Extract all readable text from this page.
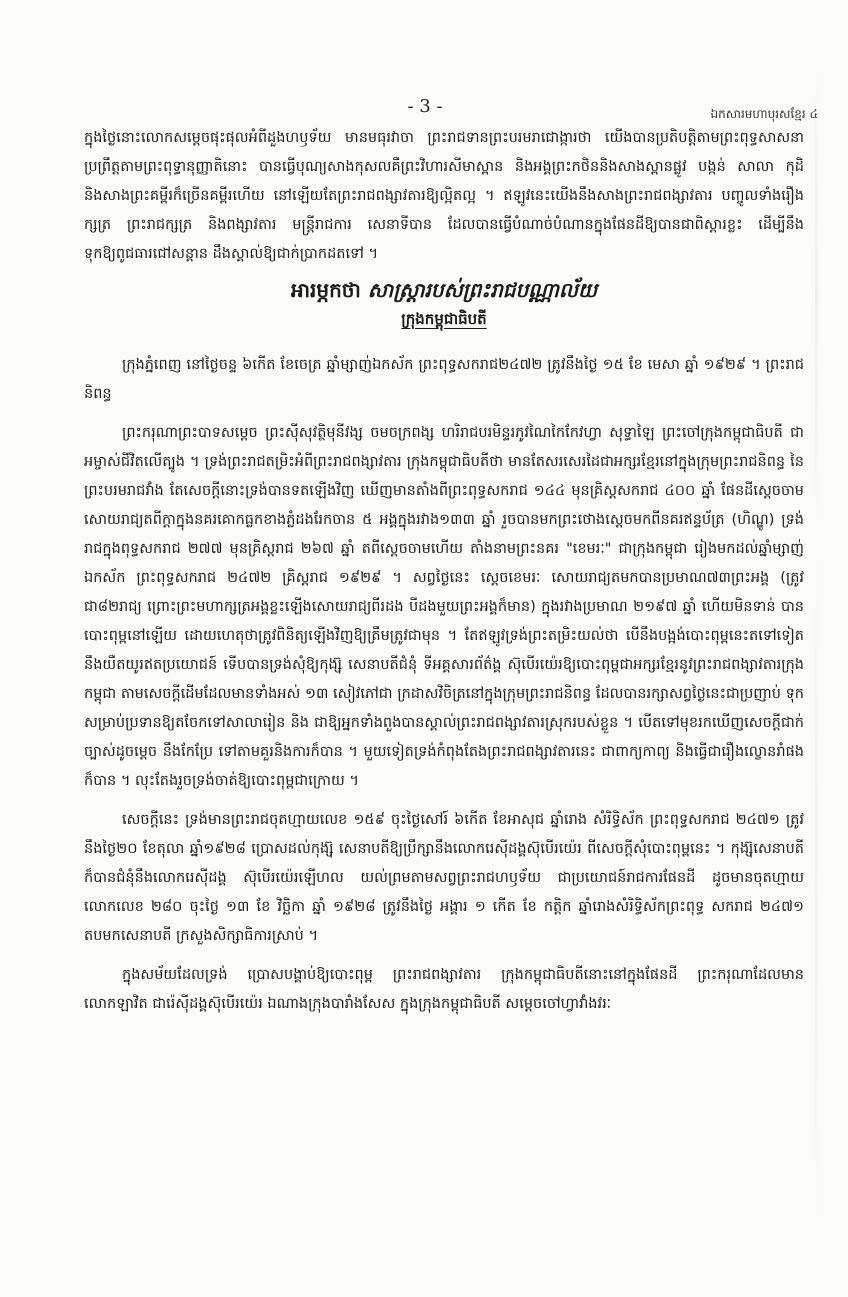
- 3 -	ឯកសារមហាបុរសខ្មែរ ៤

ក្នុងថ្ងៃនោះលោកសម្តេចផុះផុលអំពីដួងហឫទ័យ មានមធុរវាចា ព្រះរាជទានព្រះបរមរាជោង្ការថា យើងបានប្រតិបត្តិតាមព្រះពុទ្ធសាសនា ប្រព្រឹត្តតាមព្រះពុទ្ធានុញ្ញាតិនោះ បានធ្វើបុណ្យសាងកុសលគឺព្រះវិហារសីមាស្ពាន និងអង្គព្រះកថិននិងសាងស្ពានផ្លូវ បង្កន់ សាលា កុដិ និងសាងព្រះគម្ពីរក៏ច្រើនគម្ពីរហើយ នៅឡើយតែព្រះរាជពង្សាវតារឱ្យល្អិតល្អ ។ ឥឡូវនេះយើងនឹងសាងព្រះរាជពង្សាវតារ បញ្ចូលទាំងរឿងក្សត្រ ព្រះរាជក្សត្រ និងពង្សាវតារ មន្ត្រីរាជការ សេនាទីបាន ដែលបានធ្វើបំណាច់បំណានក្នុងផែនដីឱ្យបានជាពិស្ដារខ្លះ ដើម្បីនឹងទុកឱ្យពូជធារជៅសន្តាន ដឹងស្គាល់ឱ្យជាក់ប្រាកដតទៅ ។

អារម្ភកថា សាស្ត្រារបស់ព្រះរាជបណ្ណាល័យ
ក្រុងកម្ពុជាធិបតី

ក្រុងភ្នំពេញ នៅថ្ងៃចន្ទ ៦កើត ខែចេត្រ ឆ្នាំម្សាញ់ឯកស័ក ព្រះពុទ្ធសករាជ២៤៧២ ត្រូវនឹងថ្ងៃ ១៥ ខែ មេសា ឆ្នាំ ១៩២៩ ។ ព្រះរាជនិពន្ធ

ព្រះករុណាព្រះបាទសម្តេច ព្រះស៊ីសុវត្ថិមុនីវង្ស ចមចក្រពង្ស ហរិរាជបរមិន្ទរភូវណៃកៃកែវហ្វា សុទ្ធាឡៃ ព្រះចៅក្រុងកម្ពុជាធិបតី ជាអម្ចាស់ជីវិតលើត្បូង ។ ទ្រង់ព្រះរាជតម្រិះអំពីព្រះរាជពង្សាវតារ ក្រុងកម្ពុជាធិបតីថា មានតែសរសេរដៃជាអក្សរខ្មែរនៅក្នុងក្រុមព្រះរាជនិពន្ធ នៃព្រះបរមរាជវាំង តែសេចក្តីនោះទ្រង់បានទតឡើងវិញ ឃើញមានតាំងពីព្រះពុទ្ធសករាជ ១៤៤ មុនគ្រិស្តសករាជ ៤០០ ឆ្នាំ ផែនដីស្តេចចាមសោយរាជ្យតពីក្ដាក្នុងនគរគោកធ្លកខាងភ្លំដងរែកចាន ៥ អង្គក្នុងរវាង១៣៣ ឆ្នាំ រួចបានមកព្រះថោងស្តេចមកពីនគរឥន្ទប័ត្រ (ហិណ្ឌូ) ទ្រង់រាជក្នុងពុទ្ធសករាជ ២៧៧ មុនគ្រិស្តរាជ ២៦៧ ឆ្នាំ តពីស្តេចចាមហើយ តាំងនាមព្រះនគរ "ខេមរៈ" ជាក្រុងកម្ពុជា រៀងមកដល់ឆ្នាំម្សាញ់ ឯកស័ក ព្រះពុទ្ធសករាជ ២៤៧២ គ្រិស្តរាជ ១៩២៩ ។ សព្វថ្ងៃនេះ ស្តេចខេមរៈ សោយរាជ្យតមកបានប្រមាណ៧៣ព្រះអង្គ (ត្រូវជា៨២រាជ្យ ព្រោះព្រះមហាក្សត្រអង្គខ្លះឡើងសោយរាជ្យពីរដង បីដងមួយព្រះអង្គក៏មាន) ក្នុងរវាងប្រមាណ ២១៩៧ ឆ្នាំ ហើយមិនទាន់ បានបោះពុម្ពនៅឡើយ ដោយហេតុថាត្រូវពិនិត្យឡើងវិញឱ្យត្រឹមត្រូវជាមុន ។ តែឥឡូវទ្រង់ព្រះតម្រិះយល់ថា បើនឹងបង្អង់បោះពុម្ពនេះតទៅទៀតនឹងយឺតយូរឥតប្រយោជន៍ ទើបបានទ្រង់សុំឱ្យកុង្ស៊ុ សេនាបតីជំនុំ ទីអគ្គសារព័ត៌ង្គ ស៊ុបើរយ៉េរឱ្យបោះពុម្ពជាអក្សរខ្មែរនូវព្រះរាជពង្សាវតារក្រុងកម្ពុជា តាមសេចក្តីដើមដែលមានទាំងអស់ ១៣ សៀវភៅជា ក្រដាសវិចិត្រនៅក្នុងក្រុមព្រះរាជនិពន្ធ ដែលបានរក្សាសព្វថ្ងៃនេះជាប្រញាប់ ទុកសម្រាប់ប្រទានឱ្យតចែកទៅសាលារៀន និង ជាឱ្យអ្នកទាំងពួងបានស្គាល់ព្រះរាជពង្សាវតារស្រុករបស់ខ្លួន ។ បើតទៅមុខរកឃើញសេចក្តីជាក់ច្បាស់ដូចម្តេច នឹងកែប្រែ ទៅតាមគួរនិងការក៏បាន ។ មួយទៀតទ្រង់កំពុងតែងព្រះរាជពង្សាវតារនេះ ជាពាក្យកាព្យ និងធ្វើជារឿងល្ខោនរាំផងក៏បាន ។ លុះតែងរួចទ្រង់ចាត់ឱ្យបោះពុម្ពជាក្រោយ ។

សេចក្តីនេះ ទ្រង់មានព្រះរាជចុតហ្មាយលេខ ១៥៩ ចុះថ្ងៃសៅរ៍ ៦កើត ខែអាសុជ ឆ្នាំរោង សំរិទ្ធិស័ក ព្រះពុទ្ធសករាជ ២៤៧១ ត្រូវនឹងថ្ងៃ២០ ខែតុលា ឆ្នាំ១៩២៨ ប្រោសដល់កុង្ស៊ុ សេនាបតីឱ្យប្រឹក្សានឹងលោករេស៊ីដង្គស៊ុបើរយ៉េរ ពីសេចក្តីសុំបោះពុម្ពនេះ ។ កុង្ស៊ុសេនាបតីក៏បានជំនុំនឹងលោករេស៊ីដង្គ ស៊ុបើរយ៉េរឡើហល យល់ព្រមតាមសព្វព្រះរាជហឫទ័យ ជាប្រយោជន៍រាជការផែនដី ដូចមានចុតហ្មាយលោកលេខ ២៨០ ចុះថ្ងៃ ១៣ ខែ វិច្ឆិកា ឆ្នាំ ១៩២៨ ត្រូវនឹងថ្ងៃ អង្គារ ១ កើត ខែ កត្តិក ឆ្នាំរោងសំរិទ្ធិស័កព្រះពុទ្ធ សករាជ ២៤៧១ តបមកសេនាបតី ក្រសួងសិក្សាធិការស្រាប់ ។

ក្នុងសម័យដែលទ្រង់ ប្រោសបង្គាប់ឱ្យបោះពុម្ព ព្រះរាជពង្សាវតារ ក្រុងកម្ពុជាធិបតីនោះនៅក្នុងផែនដី ព្រះករុណាដែលមាន លោកឡាវិត ជារ៉េស៊ីដង្គស៊ុបើរយ៉េរ ឯណាងក្រុងបារាំងសែស ក្នុងក្រុងកម្ពុជាធិបតី សម្តេចចៅហ្វាវាំងវរៈ
